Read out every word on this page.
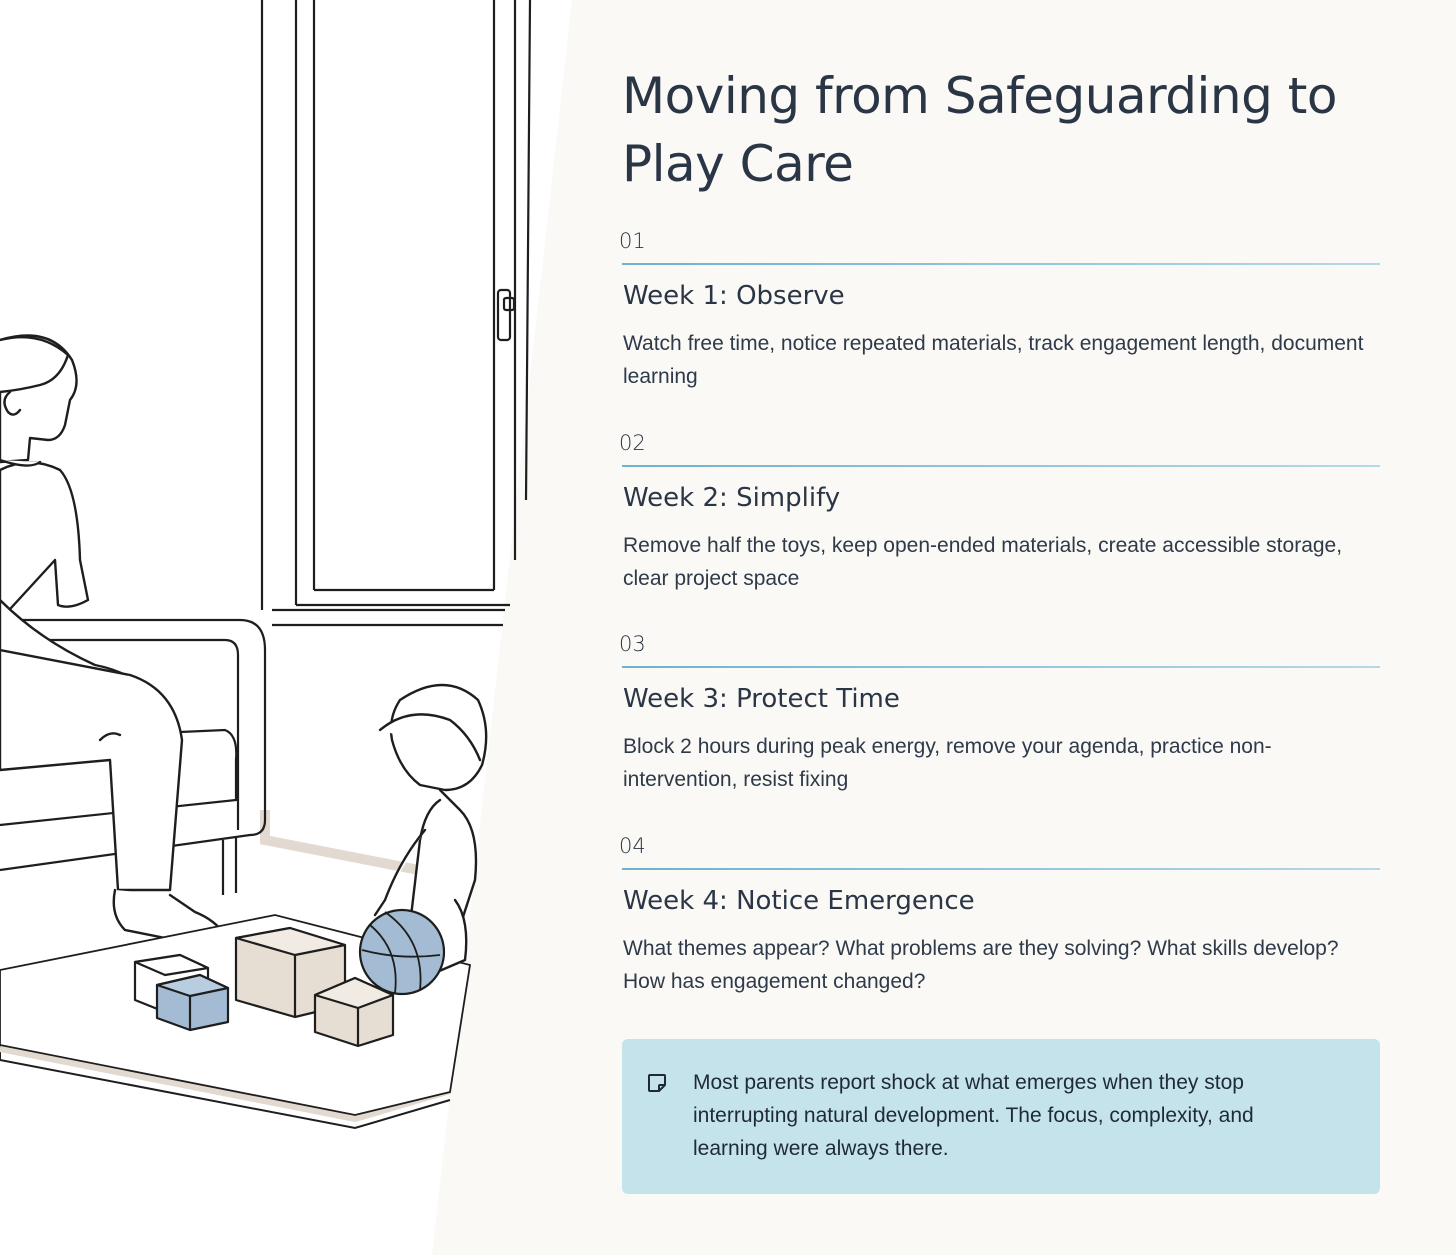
Moving from Safeguarding to Play Care
01
Week 1: Observe

Watch free time, notice repeated materials, track engagement length, document learning

02
Week 2: Simplify

Remove half the toys, keep open-ended materials, create accessible storage, clear project space

03
Week 3: Protect Time

Block 2 hours during peak energy, remove your agenda, practice non-intervention, resist fixing

04
Week 4: Notice Emergence

What themes appear? What problems are they solving? What skills develop? How has engagement changed?

Most parents report shock at what emerges when they stop interrupting natural development. The focus, complexity, and learning were always there.
